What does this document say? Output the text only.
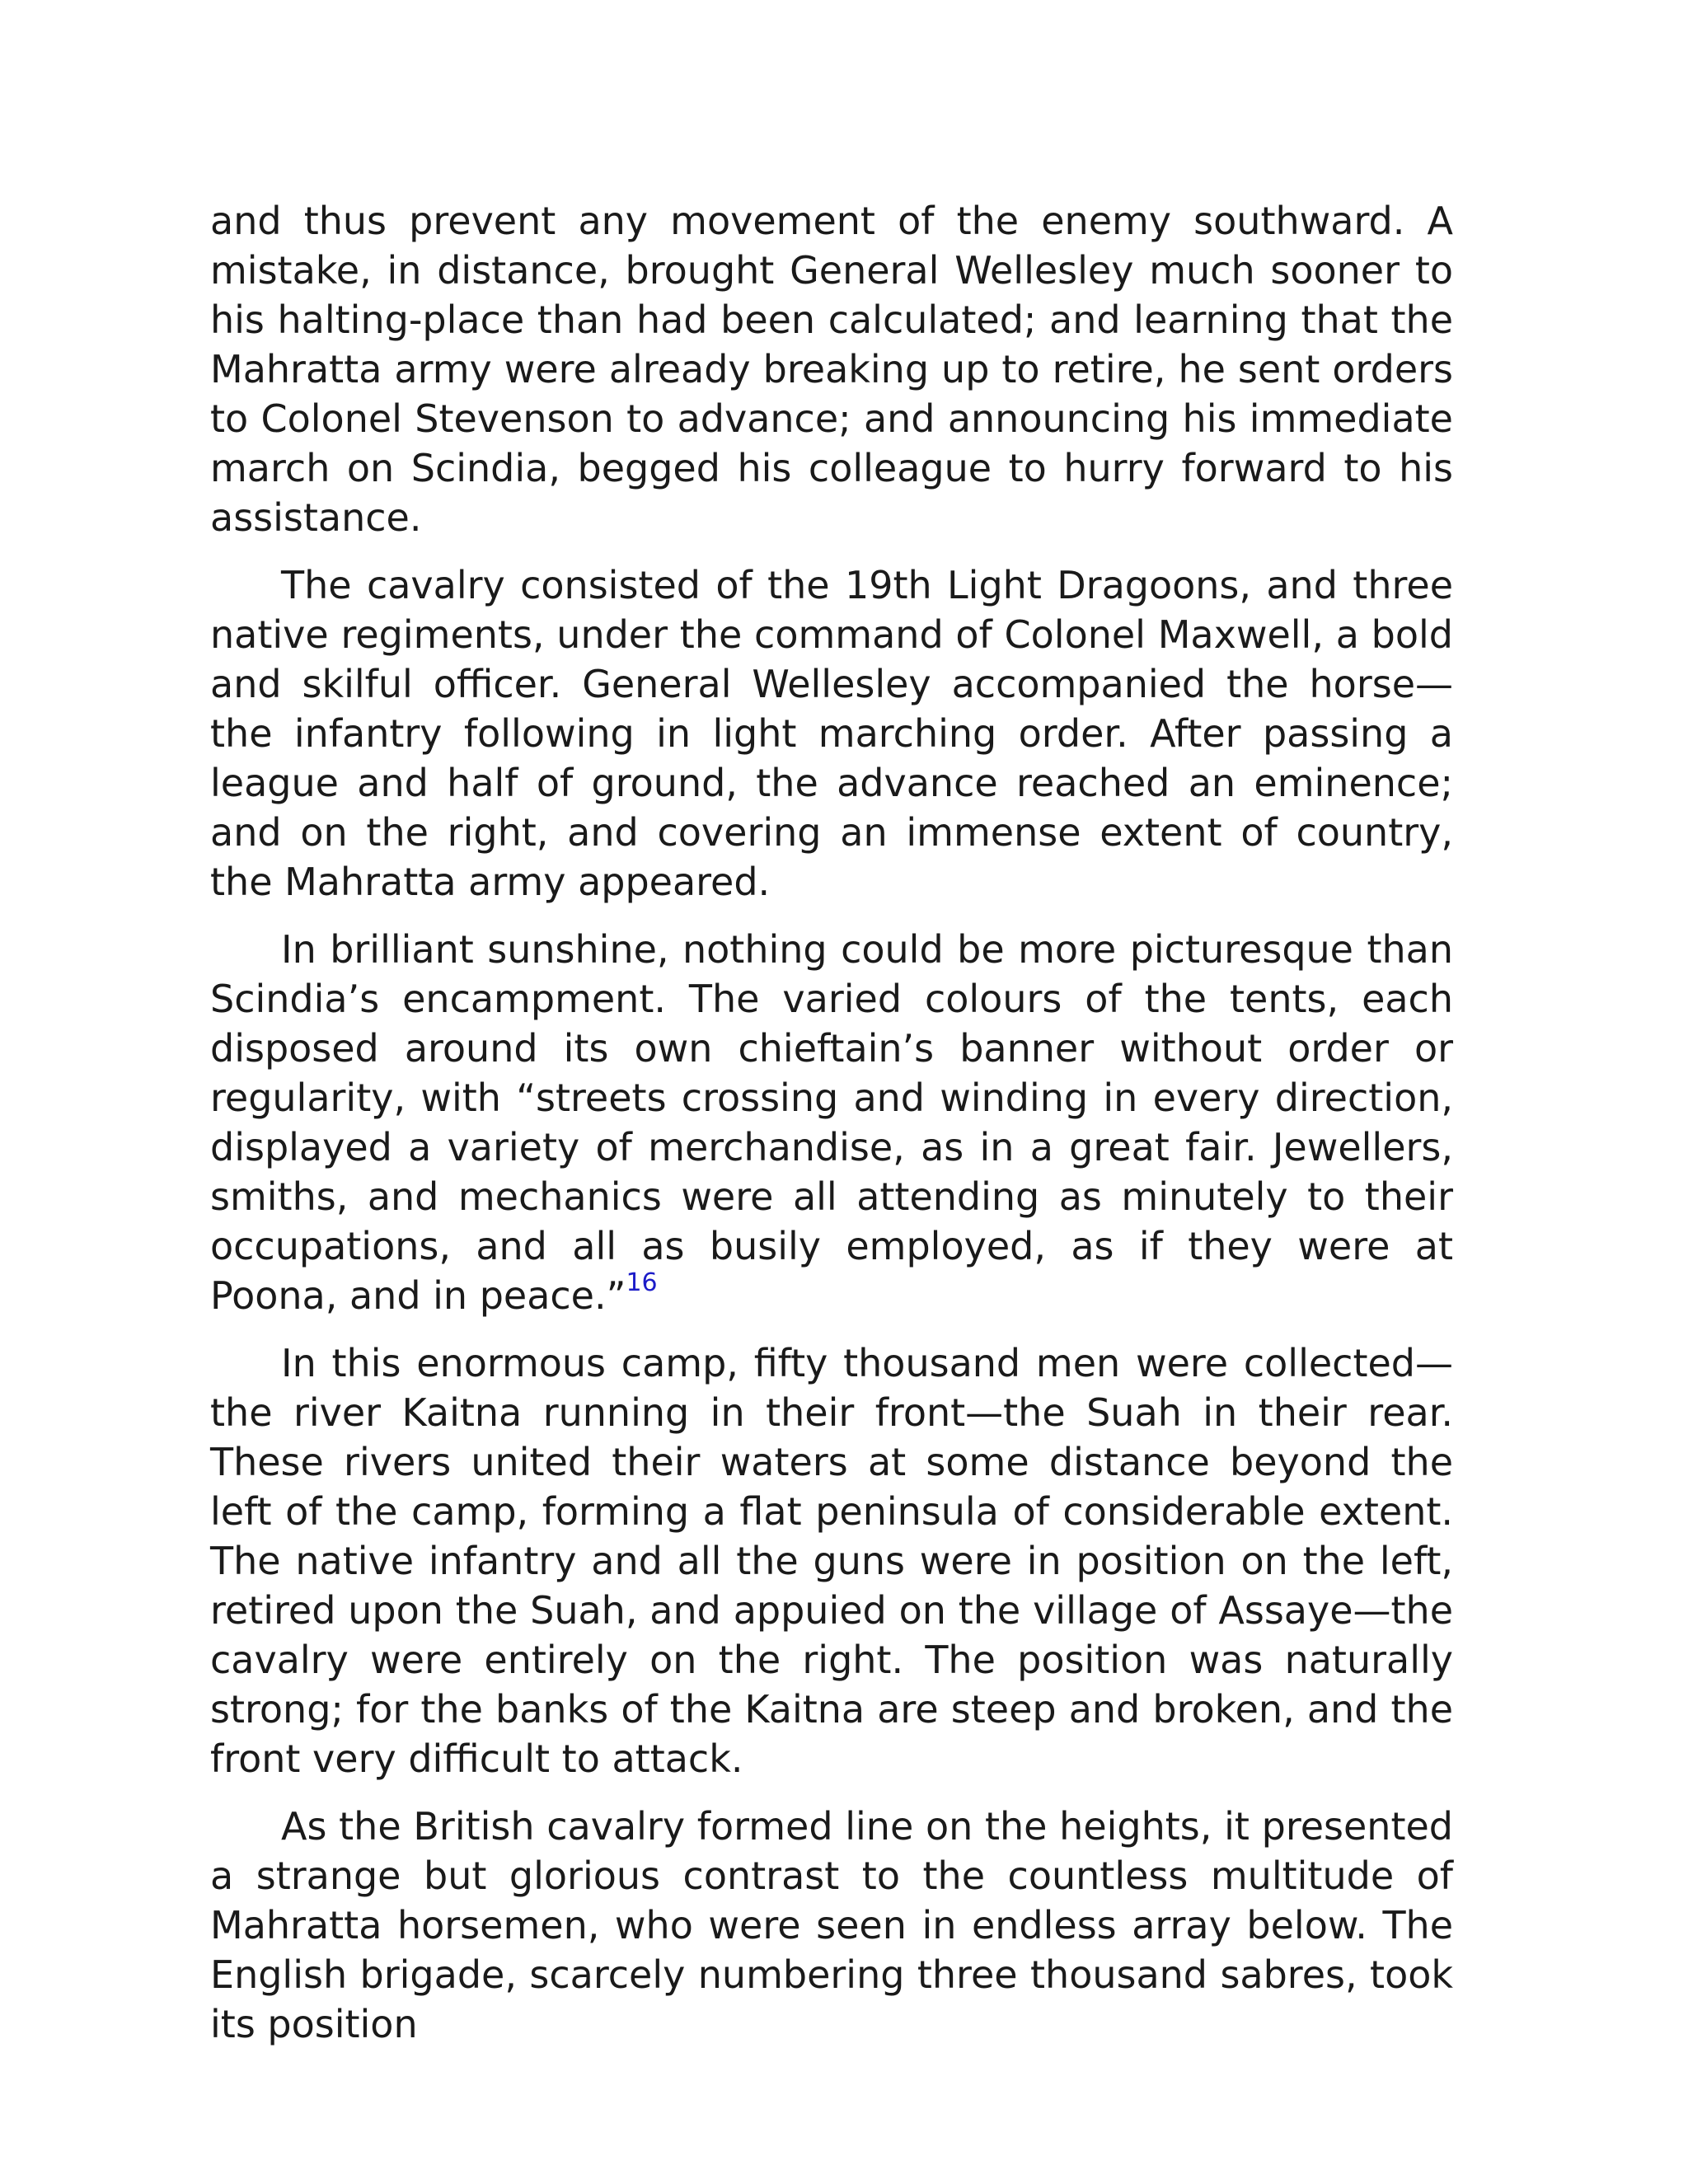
and thus prevent any movement of the enemy southward. A mistake, in distance, brought General Wellesley much sooner to his halting-place than had been calculated; and learning that the Mahratta army were already breaking up to retire, he sent orders to Colonel Stevenson to advance; and announcing his immediate march on Scindia, begged his colleague to hurry forward to his assistance.

The cavalry consisted of the 19th Light Dragoons, and three native regiments, under the command of Colonel Maxwell, a bold and skilful officer. General Wellesley accompanied the horse—the infantry following in light marching order. After passing a league and half of ground, the advance reached an eminence; and on the right, and covering an immense extent of country, the Mahratta army appeared.

In brilliant sunshine, nothing could be more picturesque than Scindia’s encampment. The varied colours of the tents, each disposed around its own chieftain’s banner without order or regularity, with “streets crossing and winding in every direction, displayed a variety of merchandise, as in a great fair. Jewellers, smiths, and mechanics were all attending as minutely to their occupations, and all as busily employed, as if they were at Poona, and in peace.”$^{16}$

In this enormous camp, fifty thousand men were collected—the river Kaitna running in their front—the Suah in their rear. These rivers united their waters at some distance beyond the left of the camp, forming a flat peninsula of considerable extent. The native infantry and all the guns were in position on the left, retired upon the Suah, and appuied on the village of Assaye—the cavalry were entirely on the right. The position was naturally strong; for the banks of the Kaitna are steep and broken, and the front very difficult to attack.

As the British cavalry formed line on the heights, it presented a strange but glorious contrast to the countless multitude of Mahratta horsemen, who were seen in endless array below. The English brigade, scarcely numbering three thousand sabres, took its position
